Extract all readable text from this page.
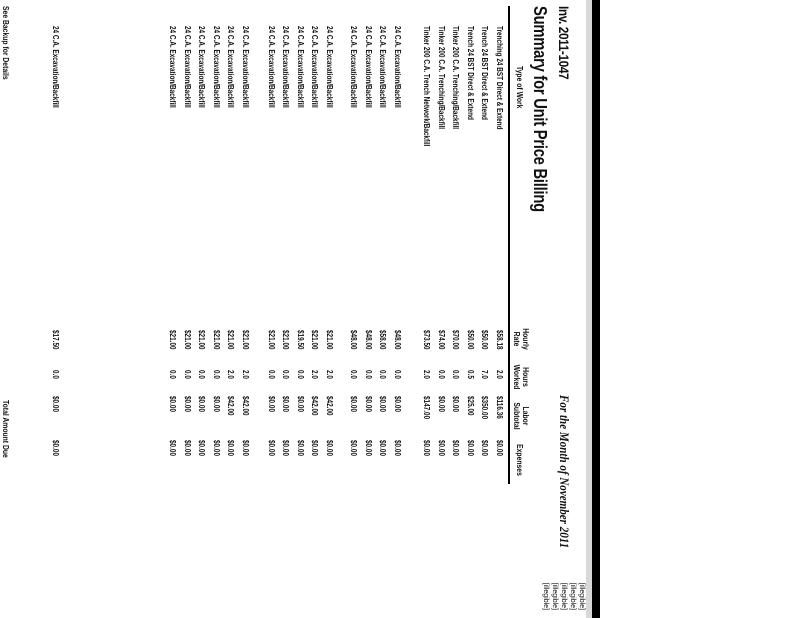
[illegible]
[illegible]
[illegible]
[illegible]
[illegible]
Inv. 2011-1047
For the Month of November 2011
Summary for Unit Price Billing
Type of Work
Hourly Rate
Hours Worked
Labor Subtotal
Expenses
Trenching 24 BST Direct & Extend
$58.18
2.0
$116.36
$0.00
Trench 24 BST Direct & Extend
$50.00
7.0
$350.00
$0.00
Trench 24 BST Direct & Extend
$50.00
0.5
$25.00
$0.00
Tinker 200 C.A. Trenching/Backfill
$70.00
0.0
$0.00
$0.00
Tinker 200 C.A. Trenching/Backfill
$74.00
0.0
$0.00
$0.00
Tinker 200 C.A. Trench Network/Backfill
$73.50
2.0
$147.00
$0.00
24 C.A. Excavation/Backfill
$48.00
0.0
$0.00
$0.00
24 C.A. Excavation/Backfill
$58.00
0.0
$0.00
$0.00
24 C.A. Excavation/Backfill
$48.00
0.0
$0.00
$0.00
24 C.A. Excavation/Backfill
$48.00
0.0
$0.00
$0.00
24 C.A. Excavation/Backfill
$21.00
2.0
$42.00
$0.00
24 C.A. Excavation/Backfill
$21.00
2.0
$42.00
$0.00
24 C.A. Excavation/Backfill
$19.50
0.0
$0.00
$0.00
24 C.A. Excavation/Backfill
$21.00
0.0
$0.00
$0.00
24 C.A. Excavation/Backfill
$21.00
0.0
$0.00
$0.00
24 C.A. Excavation/Backfill
$21.00
2.0
$42.00
$0.00
24 C.A. Excavation/Backfill
$21.00
2.0
$42.00
$0.00
24 C.A. Excavation/Backfill
$21.00
0.0
$0.00
$0.00
24 C.A. Excavation/Backfill
$21.00
0.0
$0.00
$0.00
24 C.A. Excavation/Backfill
$21.00
0.0
$0.00
$0.00
24 C.A. Excavation/Backfill
$21.00
0.0
$0.00
$0.00
24 C.A. Excavation/Backfill
$17.50
0.0
$0.00
$0.00
See Backup for Details
Total Amount Due
